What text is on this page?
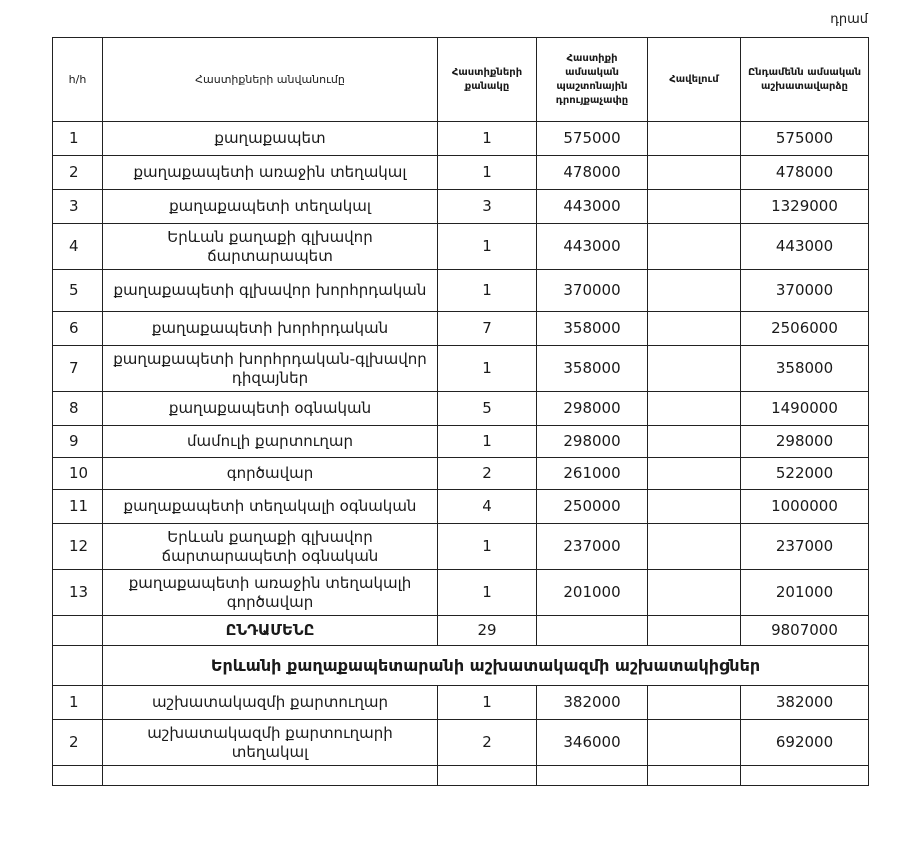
դրամ
հ/հ	Հաստիքների անվանումը	Հաստիքների քանակը	Հաստիքի ամսական պաշտոնային դրույքաչափը	Հավելում	Ընդամենն ամսական աշխատավարձը
1	քաղաքապետ	1	575000		575000
2	քաղաքապետի առաջին տեղակալ	1	478000		478000
3	քաղաքապետի տեղակալ	3	443000		1329000
4	Երևան քաղաքի գլխավոր ճարտարապետ	1	443000		443000
5	քաղաքապետի գլխավոր խորհրդական	1	370000		370000
6	քաղաքապետի խորհրդական	7	358000		2506000
7	քաղաքապետի խորհրդական-գլխավոր դիզայներ	1	358000		358000
8	քաղաքապետի օգնական	5	298000		1490000
9	մամուլի քարտուղար	1	298000		298000
10	գործավար	2	261000		522000
11	քաղաքապետի տեղակալի օգնական	4	250000		1000000
12	Երևան քաղաքի գլխավոր ճարտարապետի օգնական	1	237000		237000
13	քաղաքապետի առաջին տեղակալի գործավար	1	201000		201000
	ԸՆԴԱՄԵՆԸ	29			9807000
	Երևանի քաղաքապետարանի աշխատակազմի աշխատակիցներ				
1	աշխատակազմի քարտուղար	1	382000		382000
2	աշխատակազմի քարտուղարի տեղակալ	2	346000		692000
